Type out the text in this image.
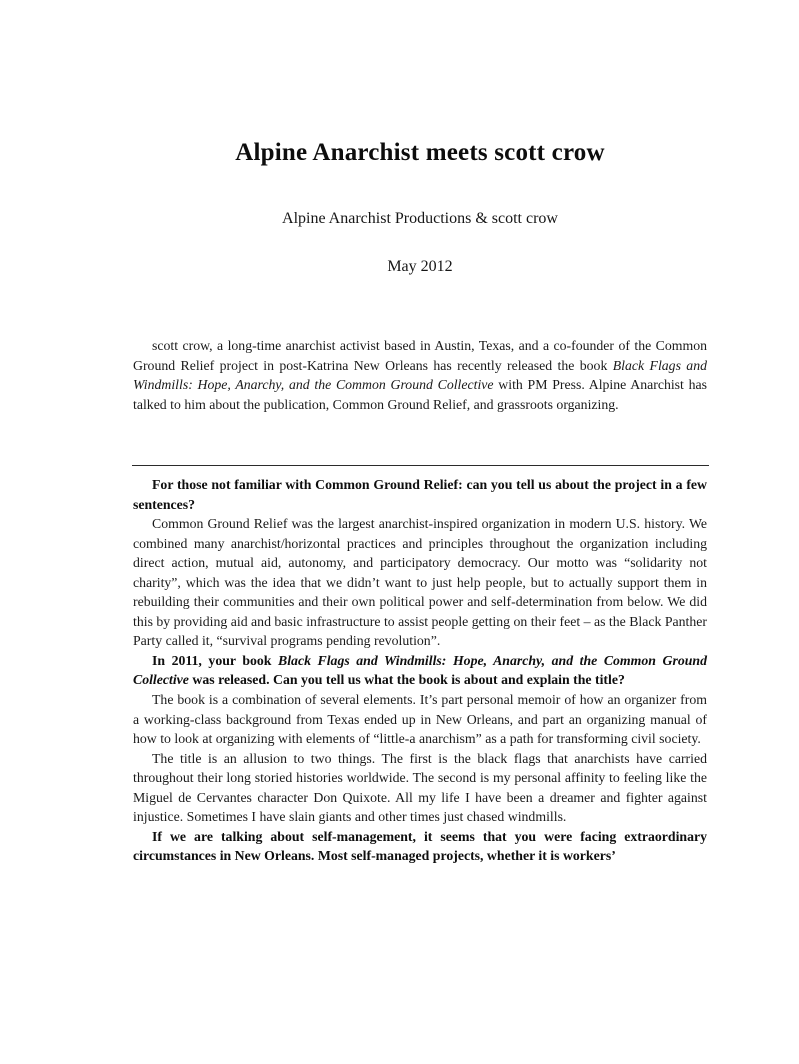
Alpine Anarchist meets scott crow
Alpine Anarchist Productions & scott crow
May 2012

scott crow, a long-time anarchist activist based in Austin, Texas, and a co-founder of the Common Ground Relief project in post-Katrina New Orleans has recently released the book Black Flags and Windmills: Hope, Anarchy, and the Common Ground Collective with PM Press. Alpine Anarchist has talked to him about the publication, Common Ground Relief, and grassroots organizing.

For those not familiar with Common Ground Relief: can you tell us about the project in a few sentences?

Common Ground Relief was the largest anarchist-inspired organization in modern U.S. history. We combined many anarchist/horizontal practices and principles throughout the organization including direct action, mutual aid, autonomy, and participatory democracy. Our motto was “solidarity not charity”, which was the idea that we didn’t want to just help people, but to actually support them in rebuilding their communities and their own political power and self-determination from below. We did this by providing aid and basic infrastructure to assist people getting on their feet – as the Black Panther Party called it, “survival programs pending revolution”.

In 2011, your book Black Flags and Windmills: Hope, Anarchy, and the Common Ground Collective was released. Can you tell us what the book is about and explain the title?

The book is a combination of several elements. It’s part personal memoir of how an organizer from a working-class background from Texas ended up in New Orleans, and part an organizing manual of how to look at organizing with elements of “little-a anarchism” as a path for transforming civil society.

The title is an allusion to two things. The first is the black flags that anarchists have carried throughout their long storied histories worldwide. The second is my personal affinity to feeling like the Miguel de Cervantes character Don Quixote. All my life I have been a dreamer and fighter against injustice. Sometimes I have slain giants and other times just chased windmills.

If we are talking about self-management, it seems that you were facing extraordinary circumstances in New Orleans. Most self-managed projects, whether it is workers’
